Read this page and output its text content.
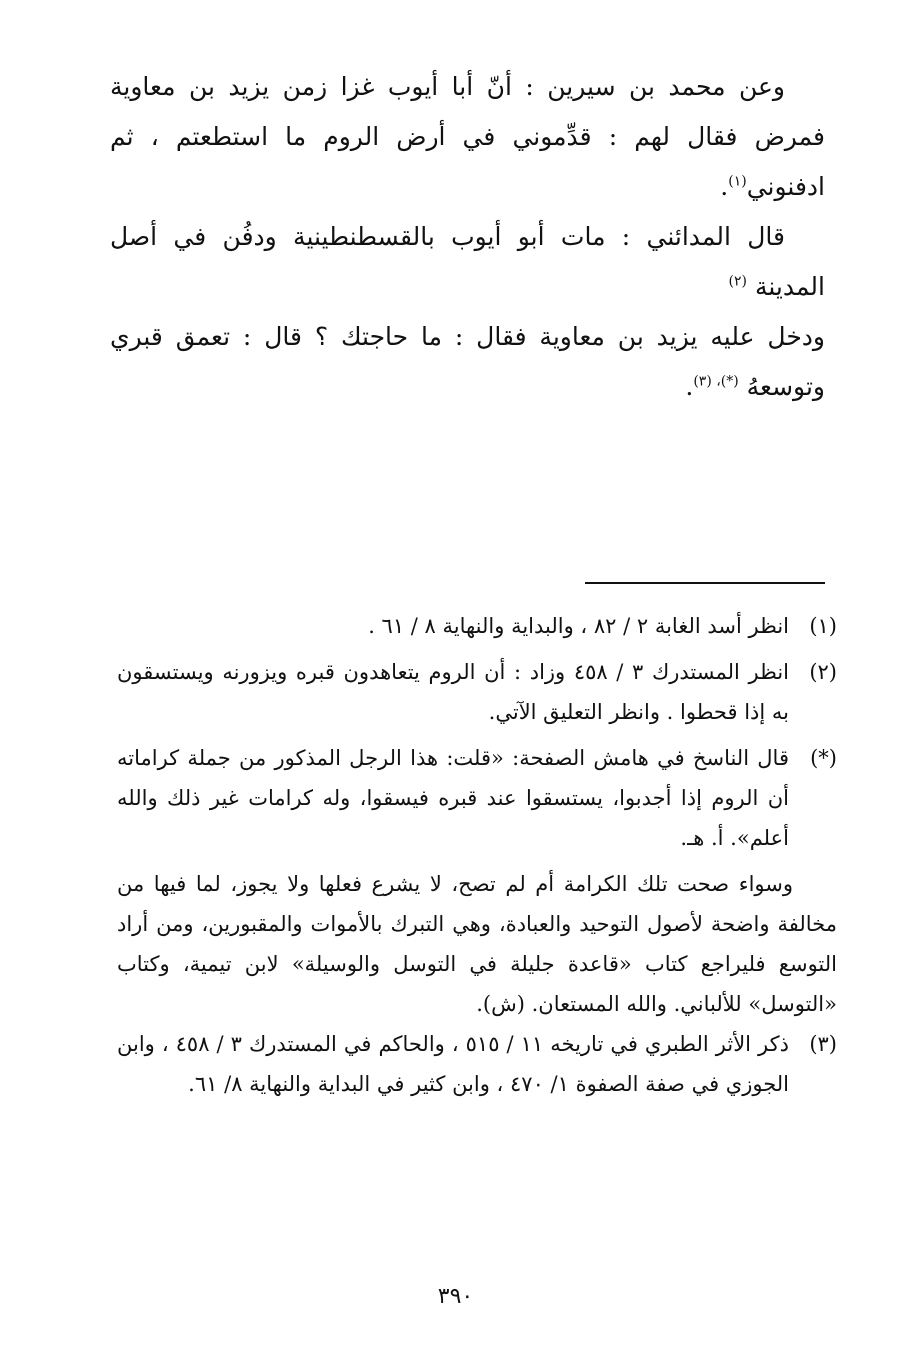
وعن محمد بن سيرين : أنّ أبا أيوب غزا زمن يزيد بن معاوية فمرض فقال لهم : قدِّموني في أرض الروم ما استطعتم ، ثم ادفنوني$^{(١)}$.

قال المدائني : مات أبو أيوب بالقسطنطينية ودفُن في أصل المدينة $^{(٢)}$

ودخل عليه يزيد بن معاوية فقال : ما حاجتك ؟ قال : تعمق قبري وتوسعهُ $^{(*)، (٣)}$.

(١)

انظر أسد الغابة ٢ / ٨٢ ، والبداية والنهاية ٨ / ٦١ .

(٢)

انظر المستدرك ٣ / ٤٥٨ وزاد : أن الروم يتعاهدون قبره ويزورنه ويستسقون به إذا قحطوا . وانظر التعليق الآتي.

(*)

قال الناسخ في هامش الصفحة: «قلت: هذا الرجل المذكور من جملة كراماته أن الروم إذا أجدبوا، يستسقوا عند قبره فيسقوا، وله كرامات غير ذلك والله أعلم». أ. هـ.

وسواء صحت تلك الكرامة أم لم تصح، لا يشرع فعلها ولا يجوز، لما فيها من مخالفة واضحة لأصول التوحيد والعبادة، وهي التبرك بالأموات والمقبورين، ومن أراد التوسع فليراجع كتاب «قاعدة جليلة في التوسل والوسيلة» لابن تيمية، وكتاب «التوسل» للألباني. والله المستعان. (ش).

(٣)

ذكر الأثر الطبري في تاريخه ١١ / ٥١٥ ، والحاكم في المستدرك ٣ / ٤٥٨ ، وابن الجوزي في صفة الصفوة ١/ ٤٧٠ ، وابن كثير في البداية والنهاية ٨/ ٦١.

٣٩٠
